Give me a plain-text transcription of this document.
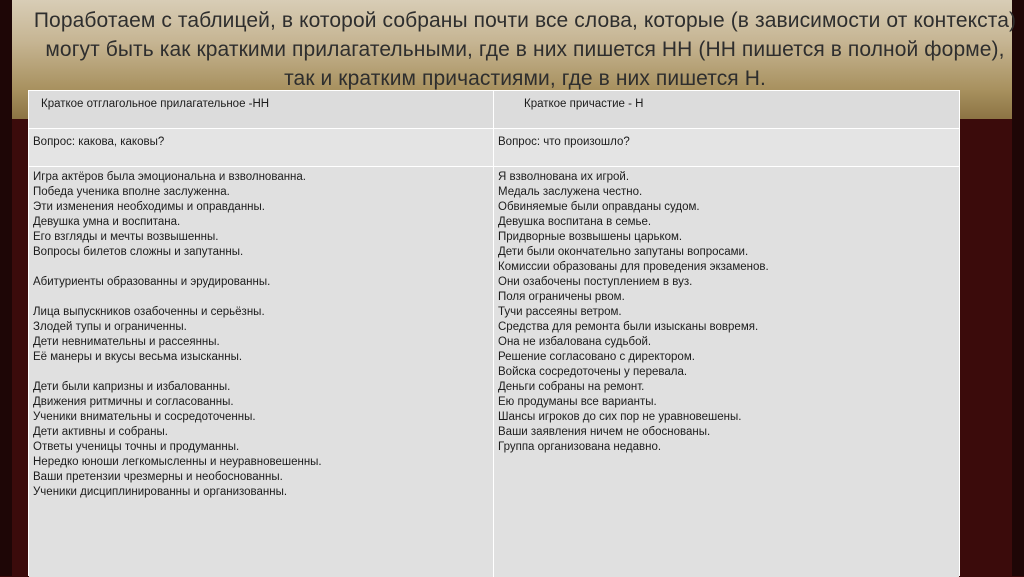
Поработаем с таблицей, в которой собраны почти все слова, которые (в зависимости от контекста) могут быть как краткими прилагательными, где в них пишется НН (НН пишется в полной форме), так и кратким причастиями, где в них пишется Н.
Краткое отглагольное прилагательное -НН	Краткое причастие - Н
Вопрос: какова, каковы?	Вопрос: что произошло?
Игра актёров была эмоциональна и взволнованна.
Победа ученика вполне заслуженна.
Эти изменения необходимы и оправданны.
Девушка умна и воспитана.
Его взгляды и мечты возвышенны.
Вопросы билетов сложны и запутанны.
Абитуриенты образованны и эрудированны.
Лица выпускников озабоченны и серьёзны.
Злодей тупы и ограниченны.
Дети невнимательны и рассеянны.
Её манеры и вкусы весьма изысканны.
Дети были капризны и избалованны.
Движения ритмичны и согласованны.
Ученики внимательны и сосредоточенны.
Дети активны и собраны.
Ответы ученицы точны и продуманны.
Нередко юноши легкомысленны и неуравновешенны.
Ваши претензии чрезмерны и необоснованны.
Ученики дисциплинированны и организованны.
Я взволнована их игрой.
Медаль заслужена честно.
Обвиняемые были оправданы судом.
Девушка воспитана в семье.
Придворные возвышены царьком.
Дети были окончательно запутаны вопросами.
Комиссии образованы для проведения экзаменов.
Они озабочены поступлением в вуз.
Поля ограничены рвом.
Тучи рассеяны ветром.
Средства для ремонта были изысканы вовремя.
Она не избалована судьбой.
Решение согласовано с директором.
Войска сосредоточены у перевала.
Деньги собраны на ремонт.
Ею продуманы все варианты.
Шансы игроков до сих пор не уравновешены.
Ваши заявления ничем не обоснованы.
Группа организована недавно.
